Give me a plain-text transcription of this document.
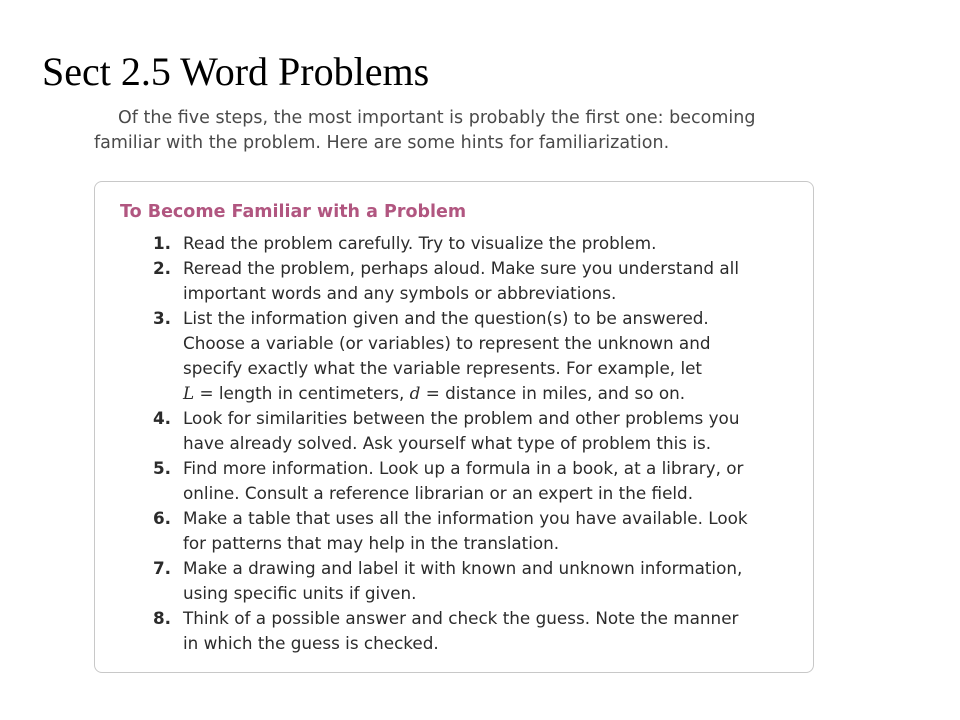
Sect 2.5 Word Problems

Of the five steps, the most important is probably the first one: becoming
familiar with the problem. Here are some hints for familiarization.

To Become Familiar with a Problem
1. Read the problem carefully. Try to visualize the problem.
2. Reread the problem, perhaps aloud. Make sure you understand all
important words and any symbols or abbreviations.
3. List the information given and the question(s) to be answered.
Choose a variable (or variables) to represent the unknown and
specify exactly what the variable represents. For example, let
L = length in centimeters, d = distance in miles, and so on.
4. Look for similarities between the problem and other problems you
have already solved. Ask yourself what type of problem this is.
5. Find more information. Look up a formula in a book, at a library, or
online. Consult a reference librarian or an expert in the field.
6. Make a table that uses all the information you have available. Look
for patterns that may help in the translation.
7. Make a drawing and label it with known and unknown information,
using specific units if given.
8. Think of a possible answer and check the guess. Note the manner
in which the guess is checked.
